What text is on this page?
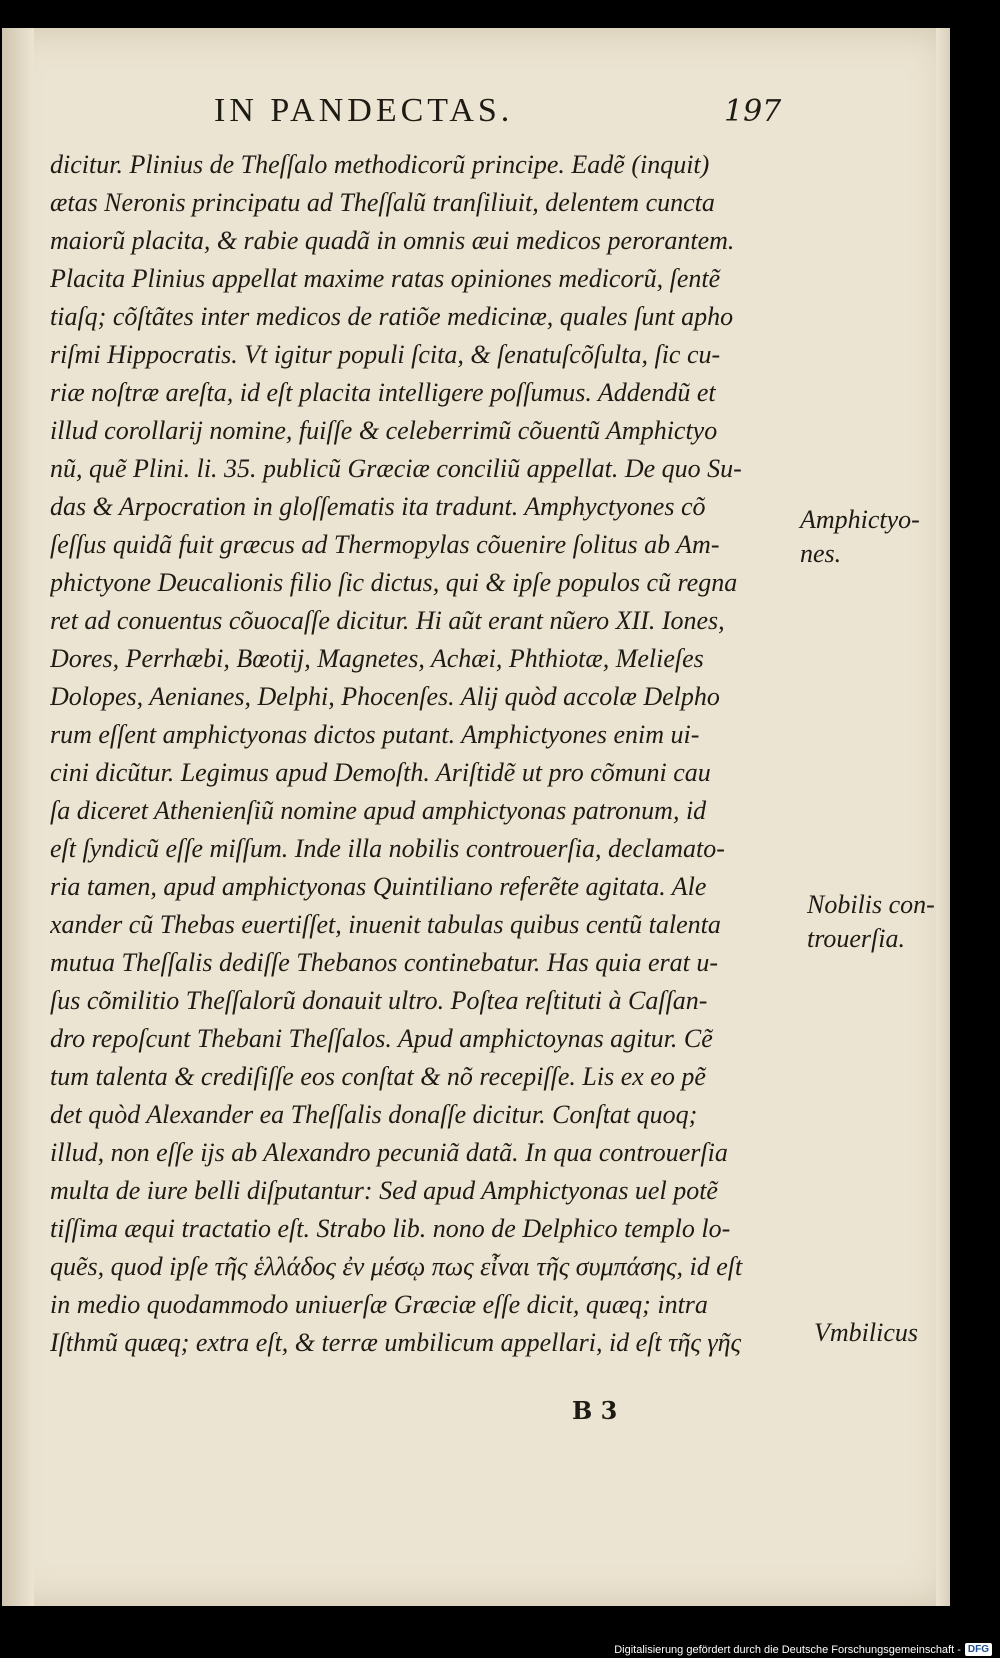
IN PANDECTAS.	197
dicitur. Plinius de Theſſalo methodicorũ principe. Eadẽ (inquit)
ætas Neronis principatu ad Theſſalũ tranſiliuit, delentem cuncta
maiorũ placita, & rabie quadã in omnis æui medicos perorantem.
Placita Plinius appellat maxime ratas opiniones medicorũ, ſentẽ
tiaſq; cõſtãtes inter medicos de ratiõe medicinæ, quales ſunt apho
riſmi Hippocratis. Vt igitur populi ſcita, & ſenatuſcõſulta, ſic cu-
riæ noſtræ areſta, id eſt placita intelligere poſſumus. Addendũ et
illud corollarij nomine, fuiſſe & celeberrimũ cõuentũ Amphictyo
nũ, quẽ Plini. li. 35. publicũ Græciæ conciliũ appellat. De quo Su-
das & Arpocration in gloſſematis ita tradunt. Amphyctyones cõ
ſeſſus quidã fuit græcus ad Thermopylas cõuenire ſolitus ab Am-
phictyone Deucalionis filio ſic dictus, qui & ipſe populos cũ regna
ret ad conuentus cõuocaſſe dicitur. Hi aũt erant nũero XII. Iones,
Dores, Perrhæbi, Bœotij, Magnetes, Achæi, Phthiotæ, Melieſes
Dolopes, Aenianes, Delphi, Phocenſes. Alij quòd accolæ Delpho
rum eſſent amphictyonas dictos putant. Amphictyones enim ui-
cini dicũtur. Legimus apud Demoſth. Ariſtidẽ ut pro cõmuni cau
ſa diceret Athenienſiũ nomine apud amphictyonas patronum, id
eſt ſyndicũ eſſe miſſum. Inde illa nobilis controuerſia, declamato-
ria tamen, apud amphictyonas Quintiliano referẽte agitata. Ale
xander cũ Thebas euertiſſet, inuenit tabulas quibus centũ talenta
mutua Theſſalis dediſſe Thebanos continebatur. Has quia erat u-
ſus cõmilitio Theſſalorũ donauit ultro. Poſtea reſtituti à Caſſan-
dro repoſcunt Thebani Theſſalos. Apud amphictoynas agitur. Cẽ
tum talenta & crediſiſſe eos conſtat & nõ recepiſſe. Lis ex eo pẽ
det quòd Alexander ea Theſſalis donaſſe dicitur. Conſtat quoq;
illud, non eſſe ijs ab Alexandro pecuniã datã. In qua controuerſia
multa de iure belli diſputantur: Sed apud Amphictyonas uel potẽ
tiſſima æqui tractatio eſt. Strabo lib. nono de Delphico templo lo-
quẽs, quod ipſe τῆς ἑλλάδος ἐν μέσῳ πως εἶναι τῆς συμπάσης, id eſt
in medio quodammodo uniuerſæ Græciæ eſſe dicit, quæq; intra
Iſthmũ quæq; extra eſt, & terræ umbilicum appellari, id eſt τῆς γῆς
Amphictyo-
nes.
Nobilis con-
trouerſia.
Vmbilicus
B 3
Digitalisierung gefördert durch die Deutsche Forschungsgemeinschaft - DFG
